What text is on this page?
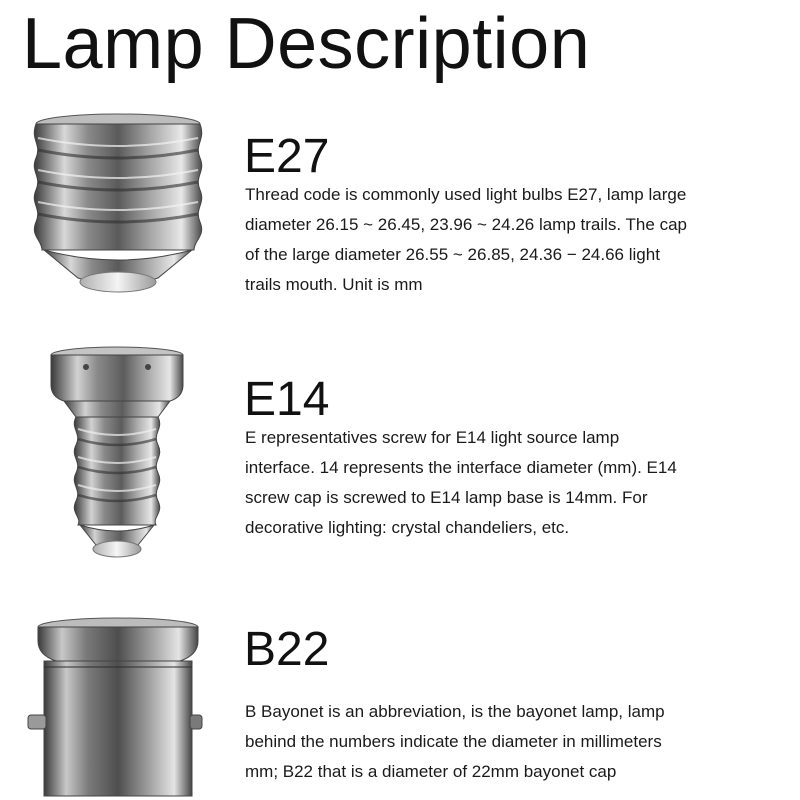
Lamp Description
E27

Thread code is commonly used light bulbs E27, lamp large
diameter 26.15 ~ 26.45, 23.96 ~ 24.26 lamp trails. The cap
of the large diameter 26.55 ~ 26.85, 24.36 − 24.66 light
trails mouth. Unit is mm

E14

E representatives screw for E14 light source lamp
interface. 14 represents the interface diameter (mm). E14
screw cap is screwed to E14 lamp base is 14mm. For
decorative lighting: crystal chandeliers, etc.

B22

B Bayonet is an abbreviation, is the bayonet lamp, lamp
behind the numbers indicate the diameter in millimeters
mm; B22 that is a diameter of 22mm bayonet cap
